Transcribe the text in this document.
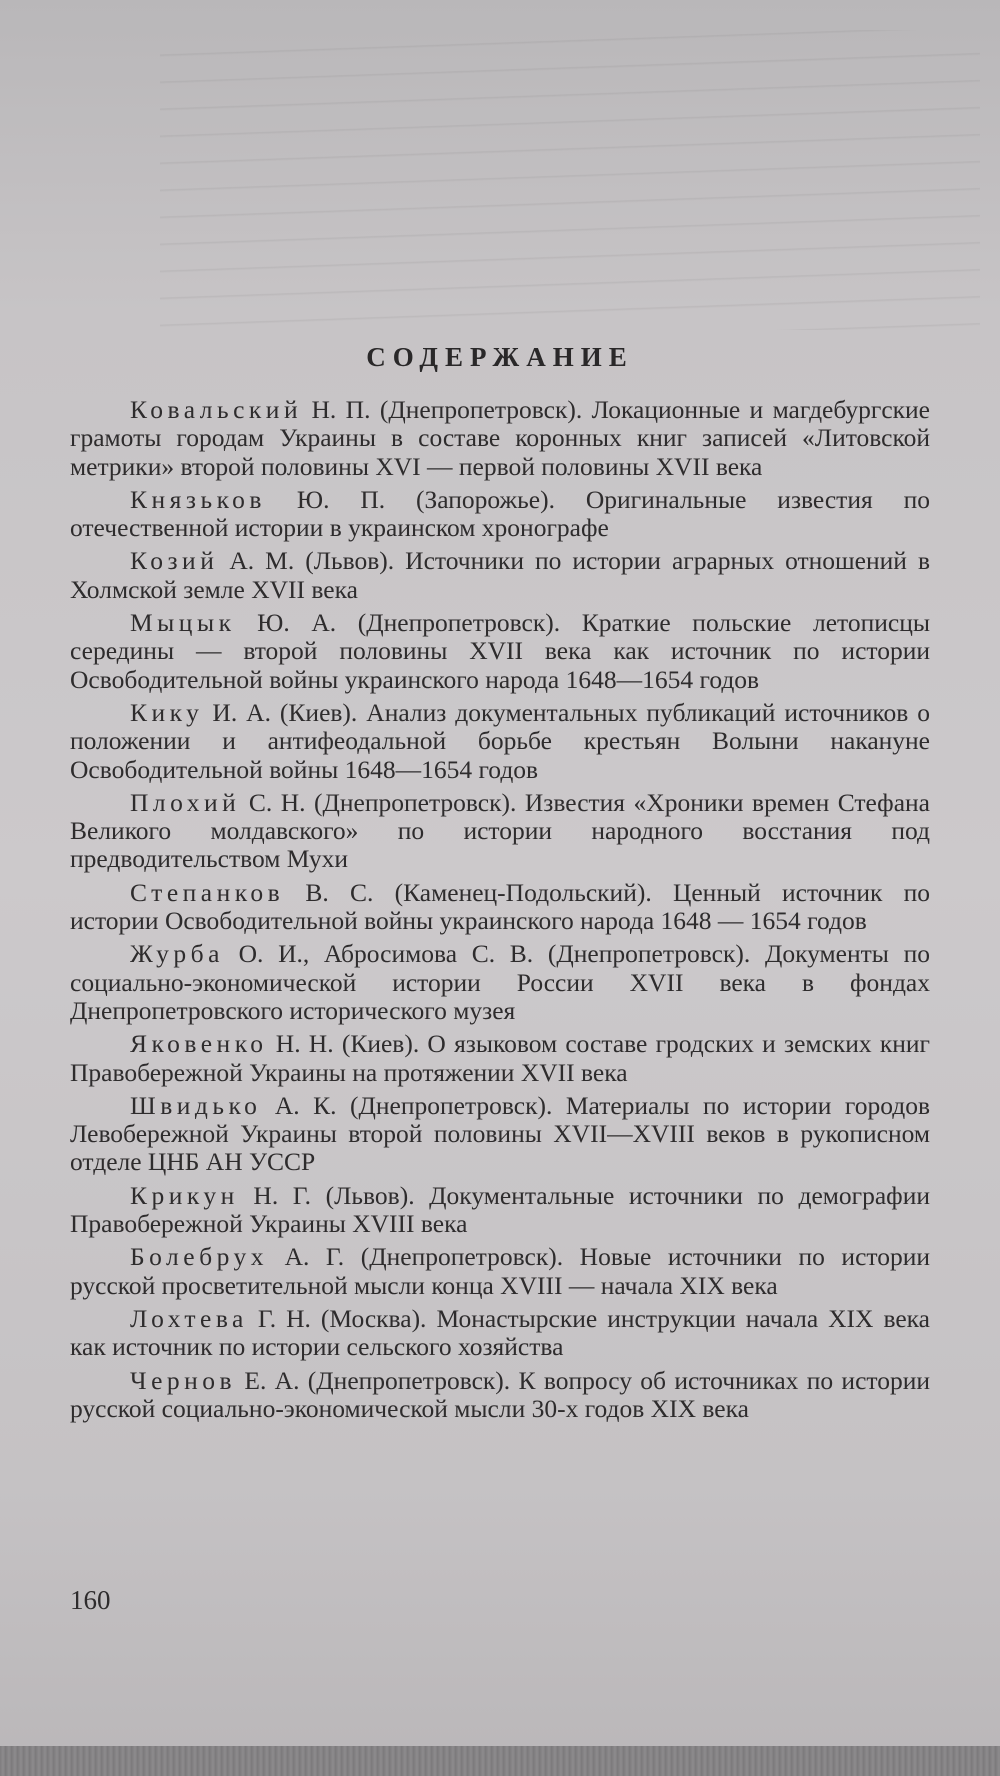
СОДЕРЖАНИЕ

Ковальский Н. П. (Днепропетровск). Локационные и магдебургские грамоты городам Украины в составе коронных книг записей «Литовской метрики» второй половины XVI — первой половины XVII века

Князьков Ю. П. (Запорожье). Оригинальные известия по отечественной истории в украинском хронографе

Козий А. М. (Львов). Источники по истории аграрных отношений в Холмской земле XVII века

Мыцык Ю. А. (Днепропетровск). Краткие польские летописцы середины — второй половины XVII века как источник по истории Освободительной войны украинского народа 1648—1654 годов

Кику И. А. (Киев). Анализ документальных публикаций источников о положении и антифеодальной борьбе крестьян Волыни накануне Освободительной войны 1648—1654 годов

Плохий С. Н. (Днепропетровск). Известия «Хроники времен Стефана Великого молдавского» по истории народного восстания под предводительством Мухи

Степанков В. С. (Каменец-Подольский). Ценный источник по истории Освободительной войны украинского народа 1648 — 1654 годов

Журба О. И., Абросимова С. В. (Днепропетровск). Документы по социально-экономической истории России XVII века в фондах Днепропетровского исторического музея

Яковенко Н. Н. (Киев). О языковом составе гродских и земских книг Правобережной Украины на протяжении XVII века

Швидько А. К. (Днепропетровск). Материалы по истории городов Левобережной Украины второй половины XVII—XVIII веков в рукописном отделе ЦНБ АН УССР

Крикун Н. Г. (Львов). Документальные источники по демографии Правобережной Украины XVIII века

Болебрух А. Г. (Днепропетровск). Новые источники по истории русской просветительной мысли конца XVIII — начала XIX века

Лохтева Г. Н. (Москва). Монастырские инструкции начала XIX века как источник по истории сельского хозяйства

Чернов Е. А. (Днепропетровск). К вопросу об источниках по истории русской социально-экономической мысли 30-х годов XIX века

160
